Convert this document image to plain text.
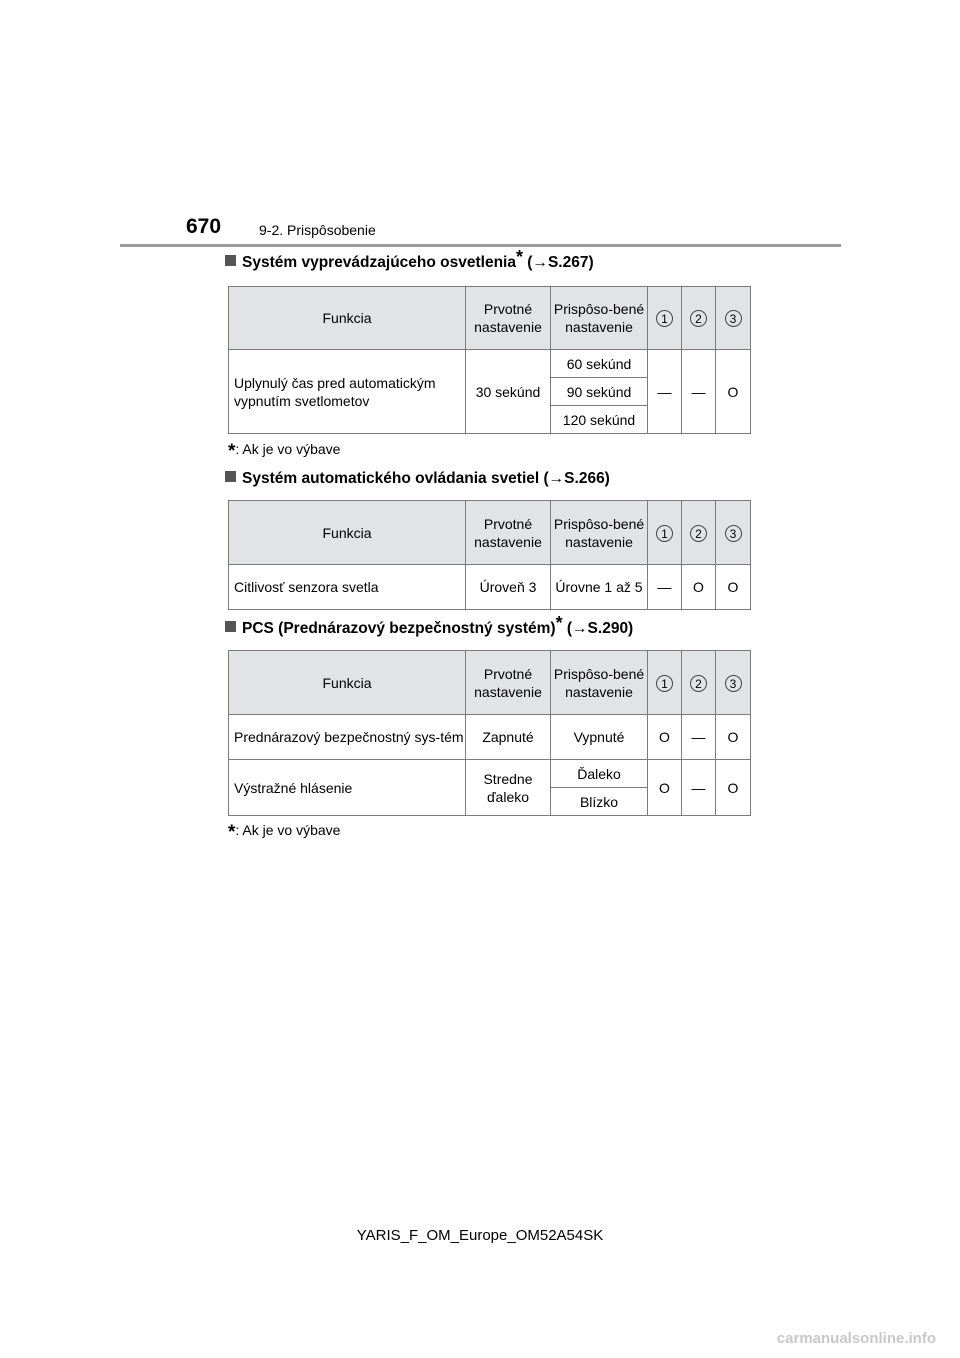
670	9-2. Prispôsobenie
Systém vyprevádzajúceho osvetlenia* (→S.267)
Funkcia	Prvotné nastavenie	Prispôso-bené nastavenie	1	2	3
Uplynulý čas pred automatickým vypnutím svetlometov	30 sekúnd	60 sekúnd	—	—	O
		90 sekúnd			
		120 sekúnd			
*: Ak je vo výbave
Systém automatického ovládania svetiel (→S.266)
Funkcia	Prvotné nastavenie	Prispôso-bené nastavenie	1	2	3
Citlivosť senzora svetla	Úroveň 3	Úrovne 1 až 5	—	O	O
PCS (Prednárazový bezpečnostný systém)* (→S.290)
Funkcia	Prvotné nastavenie	Prispôso-bené nastavenie	1	2	3
Prednárazový bezpečnostný sys-tém	Zapnuté	Vypnuté	O	—	O
Výstražné hlásenie	Stredne ďaleko	Ďaleko	O	—	O
		Blízko			
*: Ak je vo výbave
YARIS_F_OM_Europe_OM52A54SK
carmanualsonline.info
